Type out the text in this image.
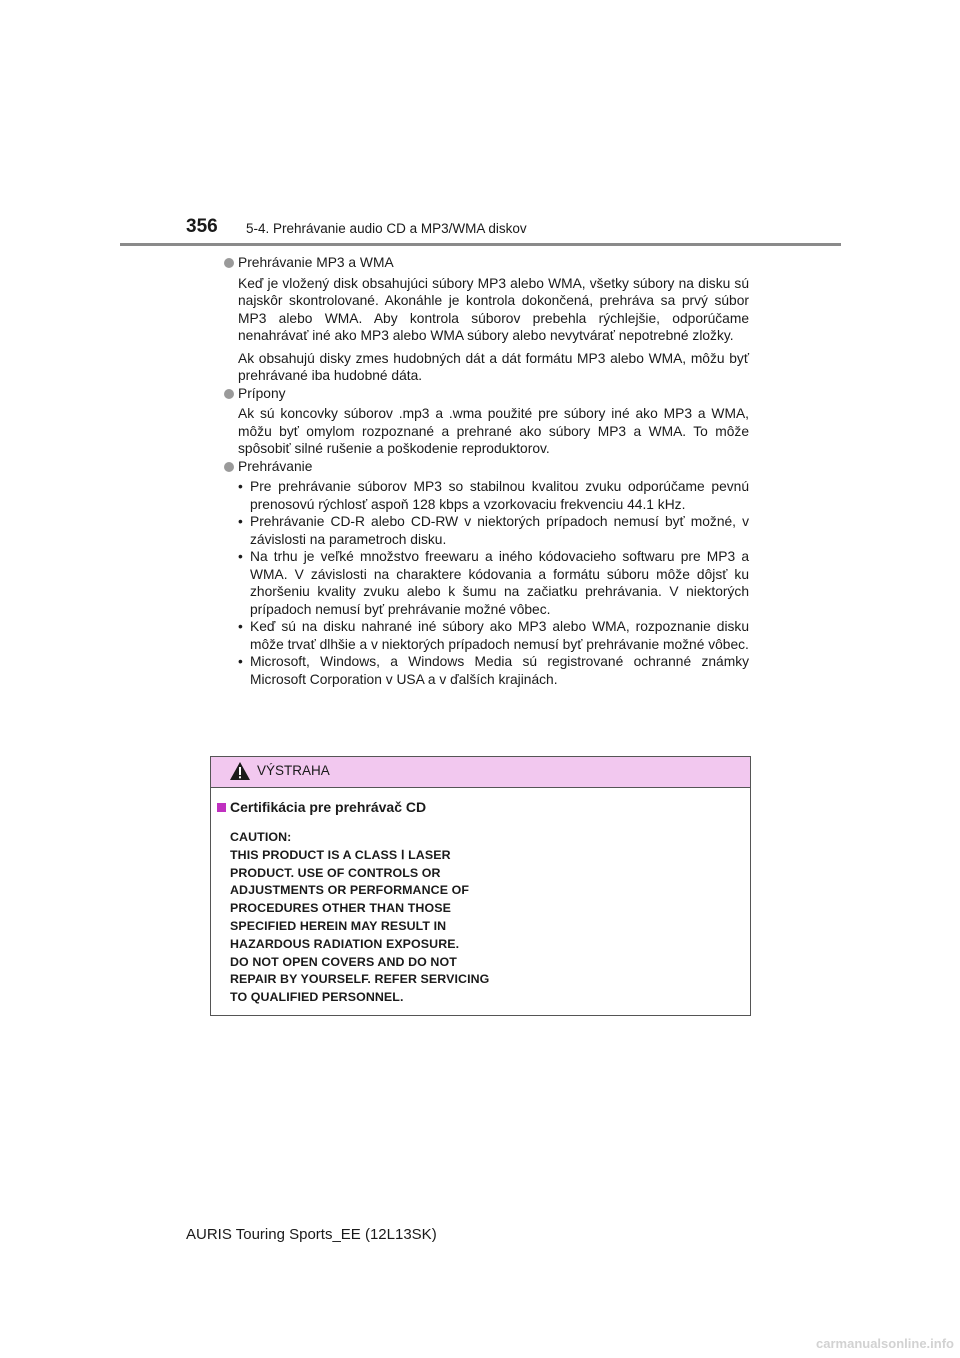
356 5-4. Prehrávanie audio CD a MP3/WMA diskov
Prehrávanie MP3 a WMA
Keď je vložený disk obsahujúci súbory MP3 alebo WMA, všetky súbory na disku sú najskôr skontrolované. Akonáhle je kontrola dokončená, prehráva sa prvý súbor MP3 alebo WMA. Aby kontrola súborov prebehla rýchlejšie, odporúčame nenahrávať iné ako MP3 alebo WMA súbory alebo nevytvárať nepotrebné zložky.
Ak obsahujú disky zmes hudobných dát a dát formátu MP3 alebo WMA, môžu byť prehrávané iba hudobné dáta.
Prípony
Ak sú koncovky súborov .mp3 a .wma použité pre súbory iné ako MP3 a WMA, môžu byť omylom rozpoznané a prehrané ako súbory MP3 a WMA. To môže spôsobiť silné rušenie a poškodenie reproduktorov.
Prehrávanie
• Pre prehrávanie súborov MP3 so stabilnou kvalitou zvuku odporúčame pevnú prenosovú rýchlosť aspoň 128 kbps a vzorkovaciu frekvenciu 44.1 kHz.
• Prehrávanie CD-R alebo CD-RW v niektorých prípadoch nemusí byť možné, v závislosti na parametroch disku.
• Na trhu je veľké množstvo freewaru a iného kódovacieho softwaru pre MP3 a WMA. V závislosti na charaktere kódovania a formátu súboru môže dôjsť ku zhoršeniu kvality zvuku alebo k šumu na začiatku prehrávania. V niektorých prípadoch nemusí byť prehrávanie možné vôbec.
• Keď sú na disku nahrané iné súbory ako MP3 alebo WMA, rozpoznanie disku môže trvať dlhšie a v niektorých prípadoch nemusí byť prehrávanie možné vôbec.
• Microsoft, Windows, a Windows Media sú registrované ochranné známky Microsoft Corporation v USA a v ďalších krajinách.
VÝSTRAHA
Certifikácia pre prehrávač CD
CAUTION:
THIS PRODUCT IS A CLASS Ⅰ LASER
PRODUCT. USE OF CONTROLS OR
ADJUSTMENTS OR PERFORMANCE OF
PROCEDURES OTHER THAN THOSE
SPECIFIED HEREIN MAY RESULT IN
HAZARDOUS RADIATION EXPOSURE.
DO NOT OPEN COVERS AND DO NOT
REPAIR BY YOURSELF. REFER SERVICING
TO QUALIFIED PERSONNEL.
AURIS Touring Sports_EE (12L13SK)
carmanualsonline.info
